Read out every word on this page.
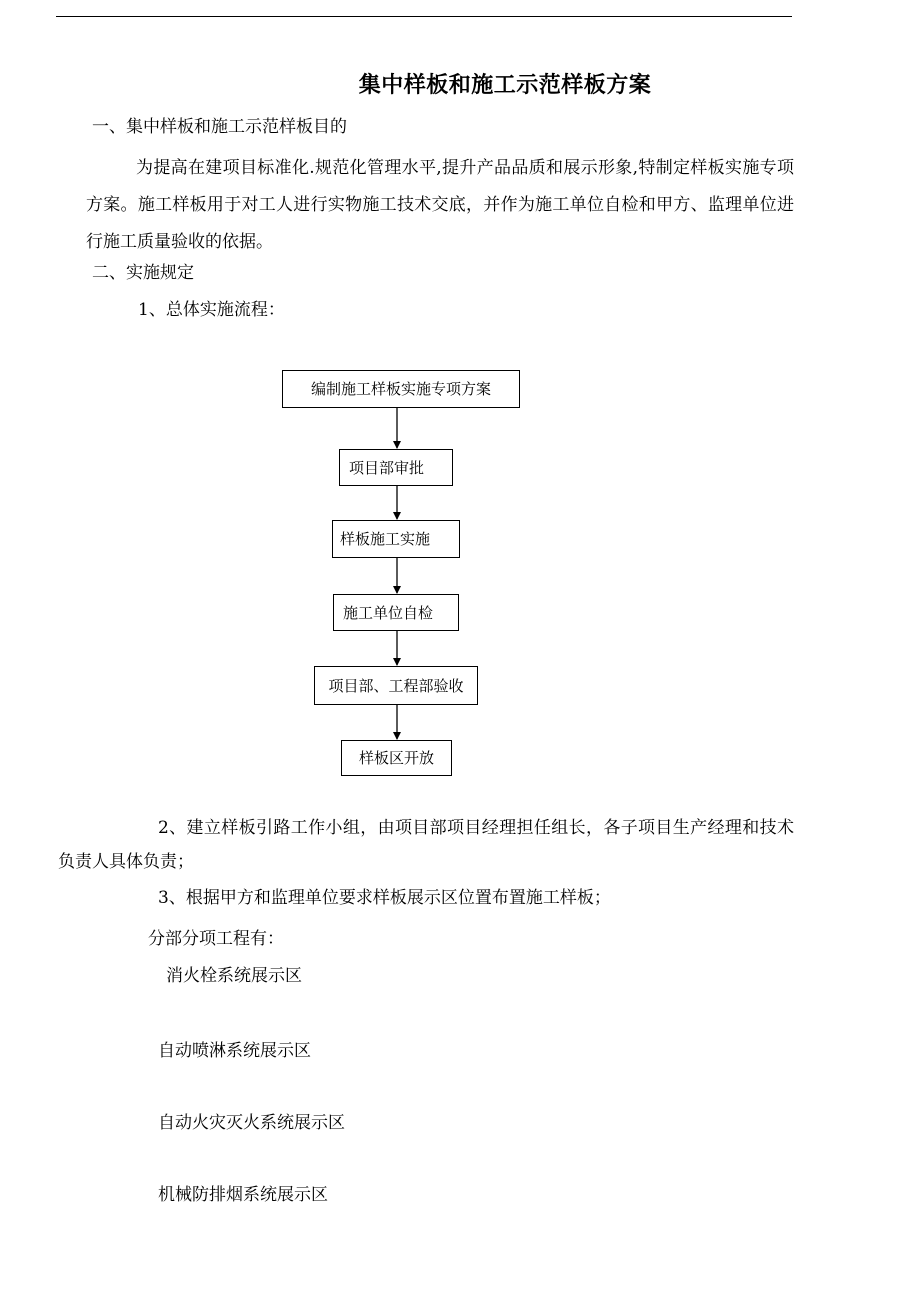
集中样板和施工示范样板方案
一、集中样板和施工示范样板目的
为提高在建项目标准化.规范化管理水平,提升产品品质和展示形象,特制定样板实施专项方案。施工样板用于对工人进行实物施工技术交底，并作为施工单位自检和甲方、监理单位进行施工质量验收的依据。
二、实施规定
1、总体实施流程：
编制施工样板实施专项方案
项目部审批
样板施工实施
施工单位自检
项目部、工程部验收
样板区开放
2、建立样板引路工作小组，由项目部项目经理担任组长，各子项目生产经理和技术负责人具体负责；
3、根据甲方和监理单位要求样板展示区位置布置施工样板；
分部分项工程有：
消火栓系统展示区
自动喷淋系统展示区
自动火灾灭火系统展示区
机械防排烟系统展示区
